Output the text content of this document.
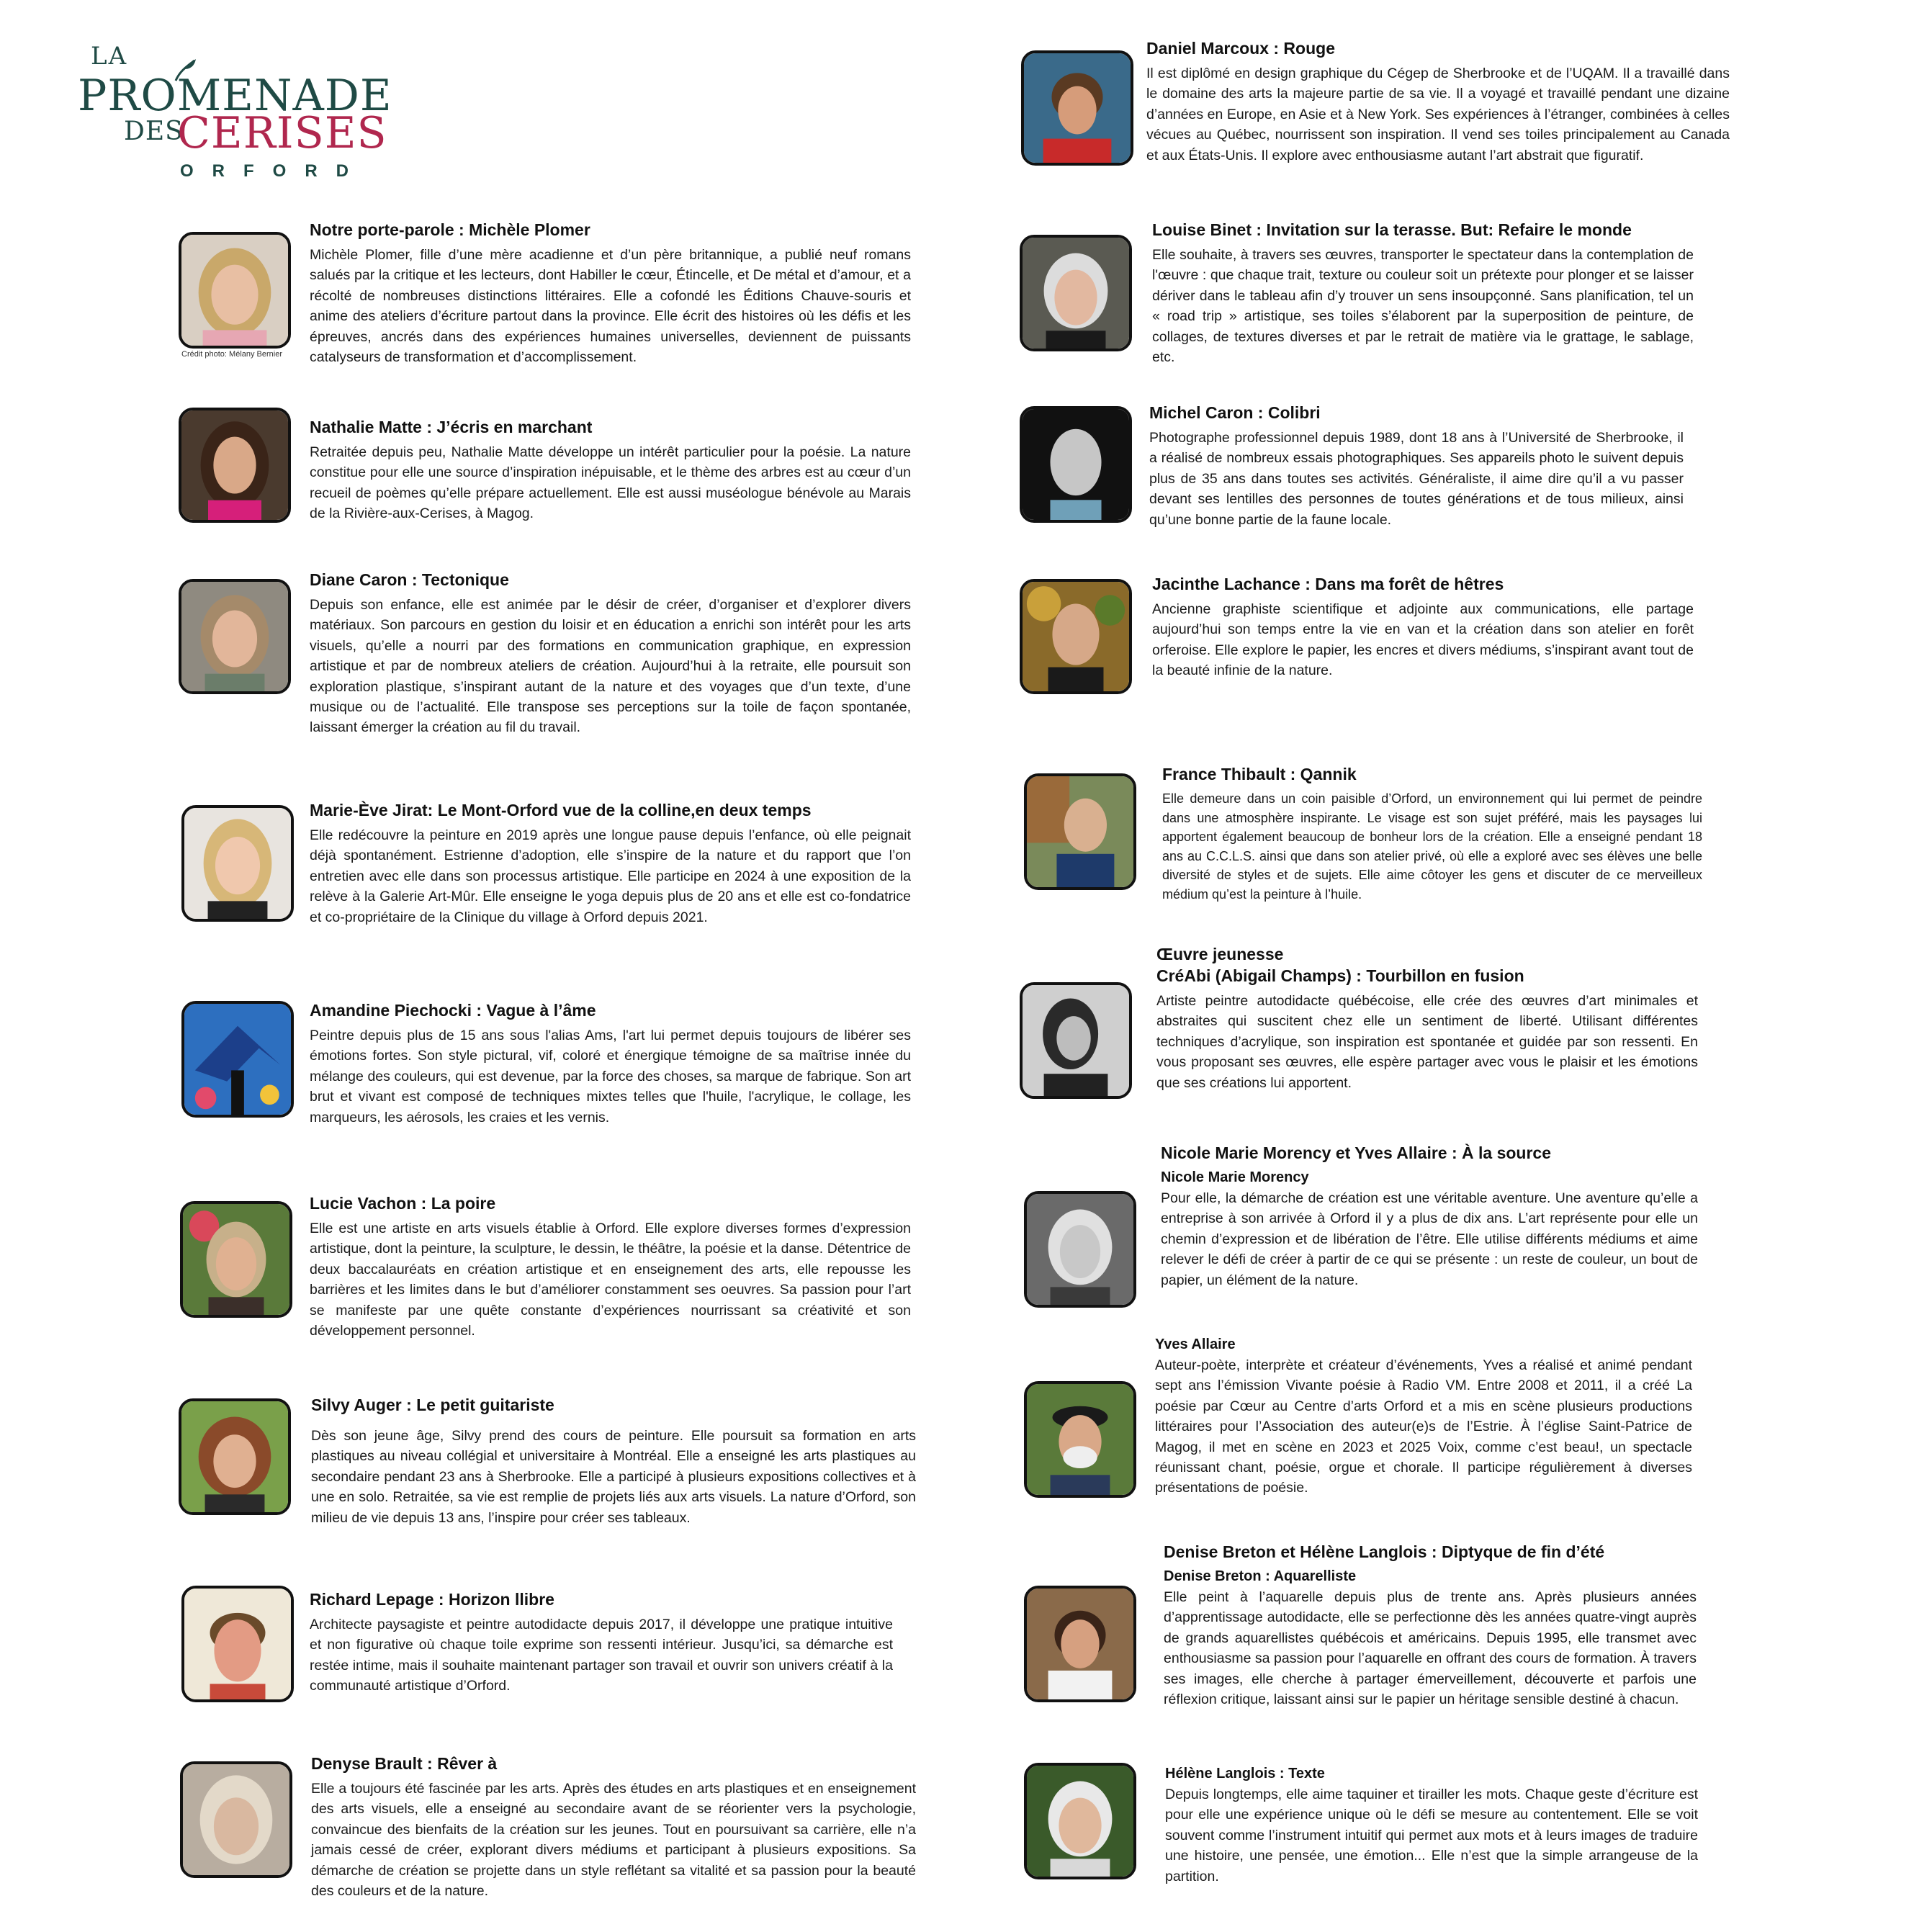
LA
PROMENADE
DES
CERISES
ORFORD
Crédit photo: Mélany Bernier
Notre porte-parole : Michèle Plomer
Michèle Plomer, fille d’une mère acadienne et d’un père britannique, a publié neuf romans salués par la critique et les lecteurs, dont Habiller le cœur, Étincelle, et De métal et d’amour, et a récolté de nombreuses distinctions littéraires. Elle a cofondé les Éditions Chauve-souris et anime des ateliers d’écriture partout dans la province. Elle écrit des histoires où les défis et les épreuves, ancrés dans des expériences humaines universelles, deviennent de puissants catalyseurs de transformation et d’accomplissement.
Nathalie Matte : J’écris en marchant
Retraitée depuis peu, Nathalie Matte développe un intérêt particulier pour la poésie. La nature constitue pour elle une source d’inspiration inépuisable, et le thème des arbres est au cœur d’un recueil de poèmes qu’elle prépare actuellement. Elle est aussi muséologue bénévole au Marais de la Rivière-aux-Cerises, à Magog.
Diane Caron : Tectonique
Depuis son enfance, elle est animée par le désir de créer, d’organiser et d’explorer divers matériaux. Son parcours en gestion du loisir et en éducation a enrichi son intérêt pour les arts visuels, qu’elle a nourri par des formations en communication graphique, en expression artistique et par de nombreux ateliers de création. Aujourd’hui à la retraite, elle poursuit son exploration plastique, s’inspirant autant de la nature et des voyages que d’un texte, d’une musique ou de l’actualité. Elle transpose ses perceptions sur la toile de façon spontanée, laissant émerger la création au fil du travail.
Marie-Ève Jirat: Le Mont-Orford vue de la colline,en deux temps
Elle redécouvre la peinture en 2019 après une longue pause depuis l’enfance, où elle peignait déjà spontanément. Estrienne d’adoption, elle s’inspire de la nature et du rapport que l’on entretien avec elle dans son processus artistique. Elle participe en 2024 à une exposition de la relève à la Galerie Art-Mûr. Elle enseigne le yoga depuis plus de 20 ans et elle est co-fondatrice et co-propriétaire de la Clinique du village à Orford depuis 2021.
Amandine Piechocki : Vague à l’âme
Peintre depuis plus de 15 ans sous l'alias Ams, l'art lui permet depuis toujours de libérer ses émotions fortes. Son style pictural, vif, coloré et énergique témoigne de sa maîtrise innée du mélange des couleurs, qui est devenue, par la force des choses, sa marque de fabrique. Son art brut et vivant est composé de techniques mixtes telles que l'huile, l'acrylique, le collage, les marqueurs, les aérosols, les craies et les vernis.
Lucie Vachon : La poire
Elle est une artiste en arts visuels établie à Orford. Elle explore diverses formes d’expression artistique, dont la peinture, la sculpture, le dessin, le théâtre, la poésie et la danse. Détentrice de deux baccalauréats en création artistique et en enseignement des arts, elle repousse les barrières et les limites dans le but d’améliorer constamment ses oeuvres. Sa passion pour l’art se manifeste par une quête constante d’expériences nourrissant sa créativité et son développement personnel.
Silvy Auger : Le petit guitariste
Dès son jeune âge, Silvy prend des cours de peinture. Elle poursuit sa formation en arts plastiques au niveau collégial et universitaire à Montréal. Elle a enseigné les arts plastiques au secondaire pendant 23 ans à Sherbrooke. Elle a participé à plusieurs expositions collectives et à une en solo. Retraitée, sa vie est remplie de projets liés aux arts visuels. La nature d’Orford, son milieu de vie depuis 13 ans, l’inspire pour créer ses tableaux.
Richard Lepage : Horizon llibre
Architecte paysagiste et peintre autodidacte depuis 2017, il développe une pratique intuitive et non figurative où chaque toile exprime son ressenti intérieur. Jusqu’ici, sa démarche est restée intime, mais il souhaite maintenant partager son travail et ouvrir son univers créatif à la communauté artistique d’Orford.
Denyse Brault : Rêver à
Elle a toujours été fascinée par les arts. Après des études en arts plastiques et en enseignement des arts visuels, elle a enseigné au secondaire avant de se réorienter vers la psychologie, convaincue des bienfaits de la création sur les jeunes. Tout en poursuivant sa carrière, elle n’a jamais cessé de créer, explorant divers médiums et participant à plusieurs expositions. Sa démarche de création se projette dans un style reflétant sa vitalité et sa passion pour la beauté des couleurs et de la nature.
Daniel Marcoux : Rouge
Il est diplômé en design graphique du Cégep de Sherbrooke et de l’UQAM. Il a travaillé dans le domaine des arts la majeure partie de sa vie. Il a voyagé et travaillé pendant une dizaine d’années en Europe, en Asie et à New York. Ses expériences à l’étranger, combinées à celles vécues au Québec, nourrissent son inspiration. Il vend ses toiles principalement au Canada et aux États-Unis. Il explore avec enthousiasme autant l’art abstrait que figuratif.
Louise Binet : Invitation sur la terasse. But: Refaire le monde
Elle souhaite, à travers ses œuvres, transporter le spectateur dans la contemplation de l'œuvre : que chaque trait, texture ou couleur soit un prétexte pour plonger et se laisser dériver dans le tableau afin d’y trouver un sens insoupçonné. Sans planification, tel un « road trip » artistique, ses toiles s’élaborent par la superposition de peinture, de collages, de textures diverses et par le retrait de matière via le grattage, le sablage, etc.
Michel Caron : Colibri
Photographe professionnel depuis 1989, dont 18 ans à l’Université de Sherbrooke, il a réalisé de nombreux essais photographiques. Ses appareils photo le suivent depuis plus de 35 ans dans toutes ses activités. Généraliste, il aime dire qu’il a vu passer devant ses lentilles des personnes de toutes générations et de tous milieux, ainsi qu’une bonne partie de la faune locale.
Jacinthe Lachance : Dans ma forêt de hêtres
Ancienne graphiste scientifique et adjointe aux communications, elle partage aujourd’hui son temps entre la vie en van et la création dans son atelier en forêt orferoise. Elle explore le papier, les encres et divers médiums, s’inspirant avant tout de la beauté infinie de la nature.
France Thibault : Qannik
Elle demeure dans un coin paisible d’Orford, un environnement qui lui permet de peindre dans une atmosphère inspirante. Le visage est son sujet préféré, mais les paysages lui apportent également beaucoup de bonheur lors de la création. Elle a enseigné pendant 18 ans au C.C.L.S. ainsi que dans son atelier privé, où elle a exploré avec ses élèves une belle diversité de styles et de sujets. Elle aime côtoyer les gens et discuter de ce merveilleux médium qu’est la peinture à l’huile.
Œuvre jeunesse
CréAbi (Abigail Champs) : Tourbillon en fusion
Artiste peintre autodidacte québécoise, elle crée des œuvres d’art minimales et abstraites qui suscitent chez elle un sentiment de liberté. Utilisant différentes techniques d’acrylique, son inspiration est spontanée et guidée par son ressenti. En vous proposant ses œuvres, elle espère partager avec vous le plaisir et les émotions que ses créations lui apportent.
Nicole Marie Morency et Yves Allaire : À la source
Nicole Marie Morency
Pour elle, la démarche de création est une véritable aventure. Une aventure qu’elle a entreprise à son arrivée à Orford il y a plus de dix ans. L’art représente pour elle un chemin d’expression et de libération de l’être. Elle utilise différents médiums et aime relever le défi de créer à partir de ce qui se présente : un reste de couleur, un bout de papier, un élément de la nature.
Yves Allaire
Auteur-poète, interprète et créateur d’événements, Yves a réalisé et animé pendant sept ans l’émission Vivante poésie à Radio VM. Entre 2008 et 2011, il a créé La poésie par Cœur au Centre d’arts Orford et a mis en scène plusieurs productions littéraires pour l’Association des auteur(e)s de l’Estrie. À l’église Saint-Patrice de Magog, il met en scène en 2023 et 2025 Voix, comme c’est beau!, un spectacle réunissant chant, poésie, orgue et chorale. Il participe régulièrement à diverses présentations de poésie.
Denise Breton et Hélène Langlois : Diptyque de fin d’été
Denise Breton : Aquarelliste
Elle peint à l’aquarelle depuis plus de trente ans. Après plusieurs années d’apprentissage autodidacte, elle se perfectionne dès les années quatre-vingt auprès de grands aquarellistes québécois et américains. Depuis 1995, elle transmet avec enthousiasme sa passion pour l’aquarelle en offrant des cours de formation. À travers ses images, elle cherche à partager émerveillement, découverte et parfois une réflexion critique, laissant ainsi sur le papier un héritage sensible destiné à chacun.
Hélène Langlois : Texte
Depuis longtemps, elle aime taquiner et tirailler les mots. Chaque geste d’écriture est pour elle une expérience unique où le défi se mesure au contentement. Elle se voit souvent comme l’instrument intuitif qui permet aux mots et à leurs images de traduire une histoire, une pensée, une émotion... Elle n’est que la simple arrangeuse de la partition.
